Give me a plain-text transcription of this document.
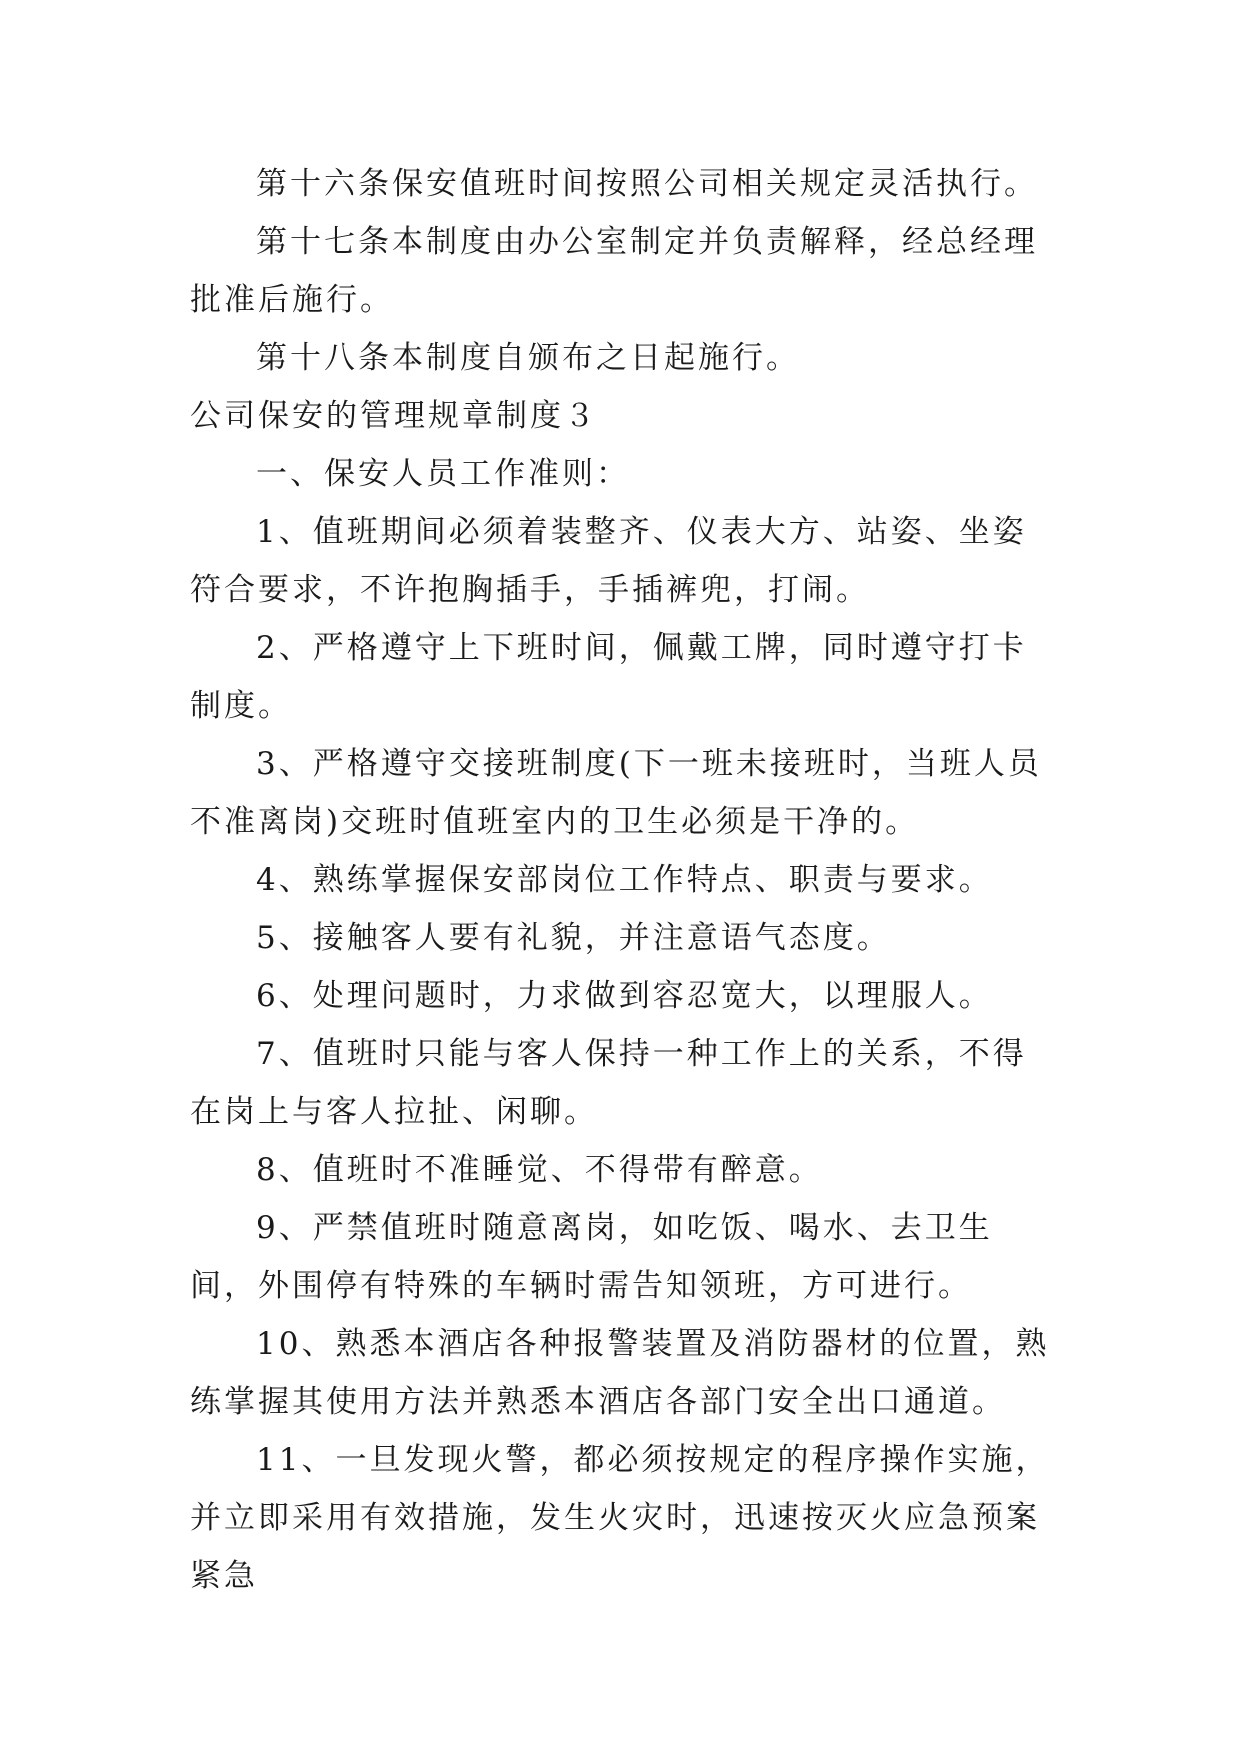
第十六条保安值班时间按照公司相关规定灵活执行。

第十七条本制度由办公室制定并负责解释，经总经理批准后施行。

第十八条本制度自颁布之日起施行。

公司保安的管理规章制度３

一、保安人员工作准则：

1、值班期间必须着装整齐、仪表大方、站姿、坐姿符合要求，不许抱胸插手，手插裤兜，打闹。

2、严格遵守上下班时间，佩戴工牌，同时遵守打卡制度。

3、严格遵守交接班制度(下一班未接班时，当班人员不准离岗)交班时值班室内的卫生必须是干净的。

4、熟练掌握保安部岗位工作特点、职责与要求。

5、接触客人要有礼貌，并注意语气态度。

6、处理问题时，力求做到容忍宽大，以理服人。

7、值班时只能与客人保持一种工作上的关系，不得在岗上与客人拉扯、闲聊。

8、值班时不准睡觉、不得带有醉意。

9、严禁值班时随意离岗，如吃饭、喝水、去卫生间，外围停有特殊的车辆时需告知领班，方可进行。

10、熟悉本酒店各种报警装置及消防器材的位置，熟练掌握其使用方法并熟悉本酒店各部门安全出口通道。

11、一旦发现火警，都必须按规定的程序操作实施，并立即采用有效措施，发生火灾时，迅速按灭火应急预案紧急
